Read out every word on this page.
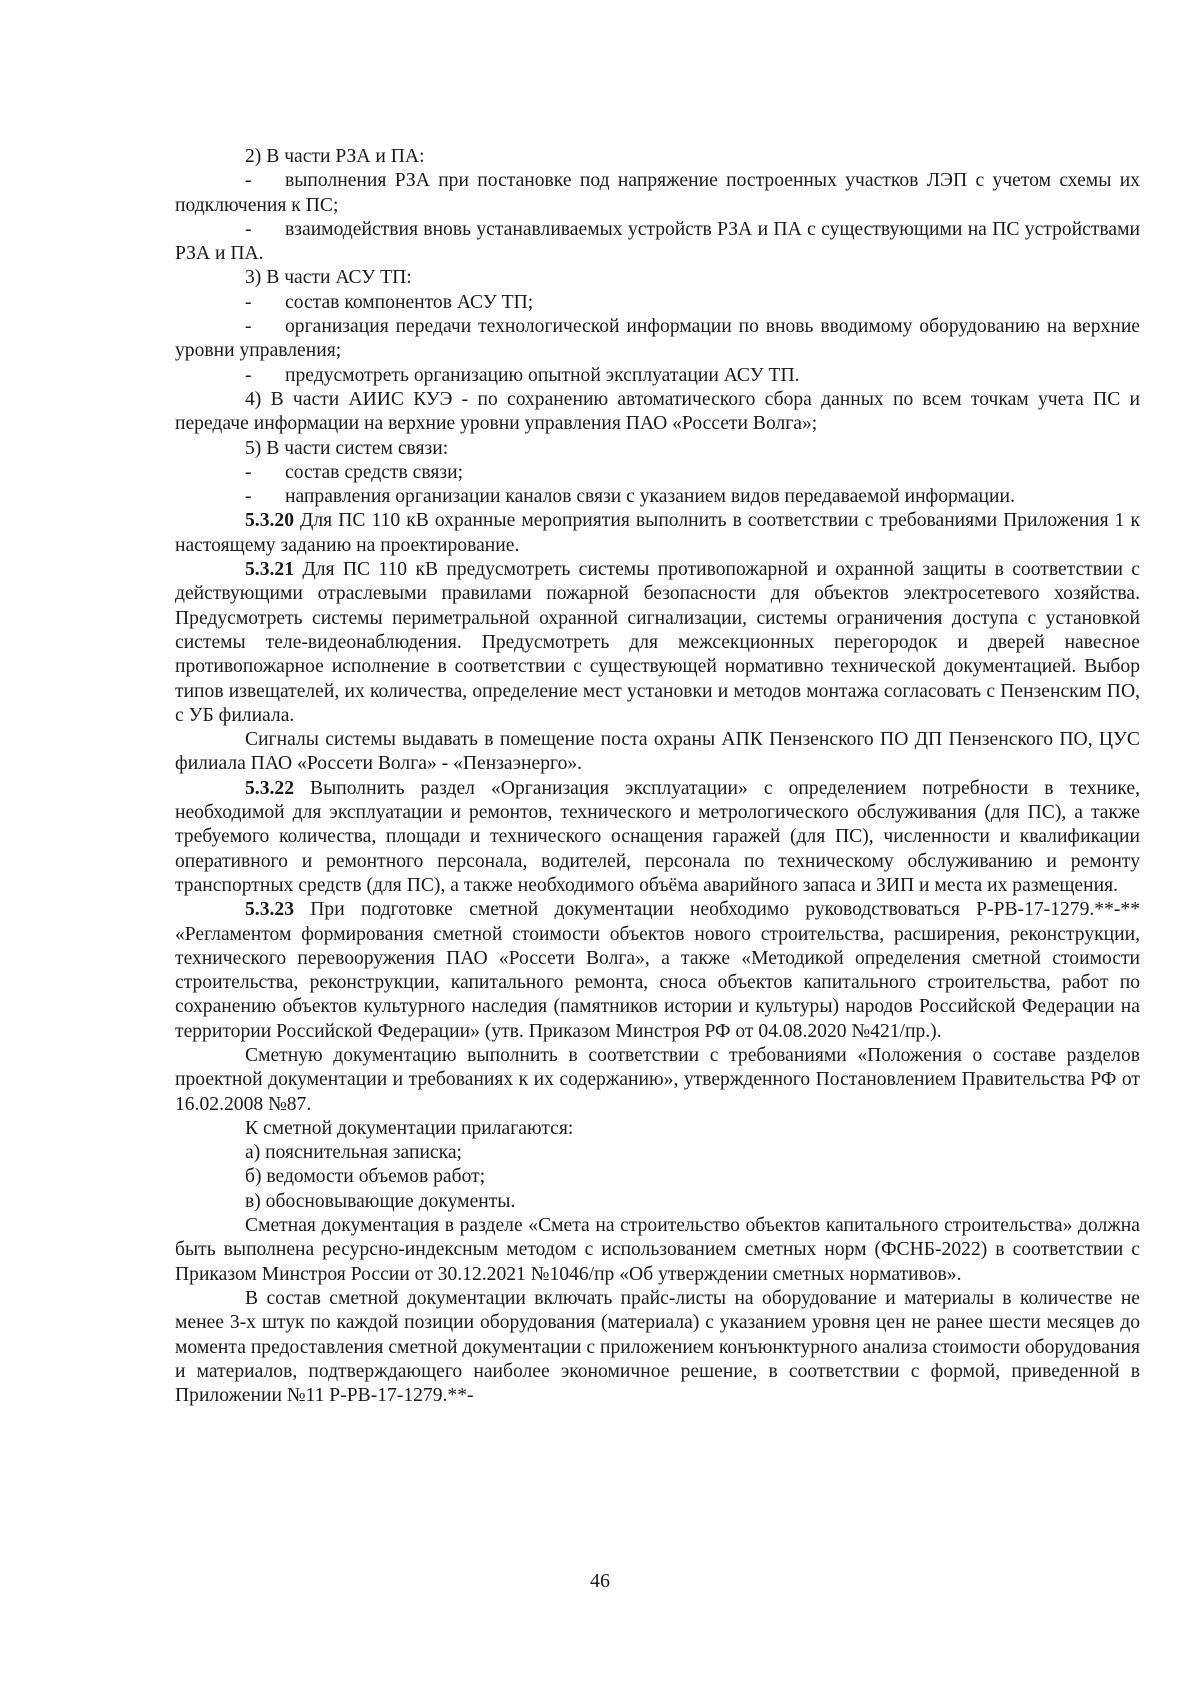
2) В части РЗА и ПА:

- выполнения РЗА при постановке под напряжение построенных участков ЛЭП с учетом схемы их подключения к ПС;

- взаимодействия вновь устанавливаемых устройств РЗА и ПА с существующими на ПС устройствами РЗА и ПА.

3) В части АСУ ТП:

- состав компонентов АСУ ТП;

- организация передачи технологической информации по вновь вводимому оборудованию на верхние уровни управления;

- предусмотреть организацию опытной эксплуатации АСУ ТП.

4) В части АИИС КУЭ - по сохранению автоматического сбора данных по всем точкам учета ПС и передаче информации на верхние уровни управления ПАО «Россети Волга»;

5) В части систем связи:

- состав средств связи;

- направления организации каналов связи с указанием видов передаваемой информации.

5.3.20 Для ПС 110 кВ охранные мероприятия выполнить в соответствии с требованиями Приложения 1 к настоящему заданию на проектирование.

5.3.21 Для ПС 110 кВ предусмотреть системы противопожарной и охранной защиты в соответствии с действующими отраслевыми правилами пожарной безопасности для объектов электросетевого хозяйства. Предусмотреть системы периметральной охранной сигнализации, системы ограничения доступа с установкой системы теле-видеонаблюдения. Предусмотреть для межсекционных перегородок и дверей навесное противопожарное исполнение в соответствии с существующей нормативно технической документацией. Выбор типов извещателей, их количества, определение мест установки и методов монтажа согласовать с Пензенским ПО, с УБ филиала.

Сигналы системы выдавать в помещение поста охраны АПК Пензенского ПО ДП Пензенского ПО, ЦУС филиала ПАО «Россети Волга» - «Пензаэнерго».

5.3.22 Выполнить раздел «Организация эксплуатации» с определением потребности в технике, необходимой для эксплуатации и ремонтов, технического и метрологического обслуживания (для ПС), а также требуемого количества, площади и технического оснащения гаражей (для ПС), численности и квалификации оперативного и ремонтного персонала, водителей, персонала по техническому обслуживанию и ремонту транспортных средств (для ПС), а также необходимого объёма аварийного запаса и ЗИП и места их размещения.

5.3.23 При подготовке сметной документации необходимо руководствоваться Р-РВ-17-1279.**-** «Регламентом формирования сметной стоимости объектов нового строительства, расширения, реконструкции, технического перевооружения ПАО «Россети Волга», а также «Методикой определения сметной стоимости строительства, реконструкции, капитального ремонта, сноса объектов капитального строительства, работ по сохранению объектов культурного наследия (памятников истории и культуры) народов Российской Федерации на территории Российской Федерации» (утв. Приказом Минстроя РФ от 04.08.2020 №421/пр.).

Сметную документацию выполнить в соответствии с требованиями «Положения о составе разделов проектной документации и требованиях к их содержанию», утвержденного Постановлением Правительства РФ от 16.02.2008 №87.

К сметной документации прилагаются:

а) пояснительная записка;

б) ведомости объемов работ;

в) обосновывающие документы.

Сметная документация в разделе «Смета на строительство объектов капитального строительства» должна быть выполнена ресурсно-индексным методом с использованием сметных норм (ФСНБ-2022) в соответствии с Приказом Минстроя России от 30.12.2021 №1046/пр «Об утверждении сметных нормативов».

В состав сметной документации включать прайс-листы на оборудование и материалы в количестве не менее 3-х штук по каждой позиции оборудования (материала) с указанием уровня цен не ранее шести месяцев до момента предоставления сметной документации с приложением конъюнктурного анализа стоимости оборудования и материалов, подтверждающего наиболее экономичное решение, в соответствии с формой, приведенной в Приложении №11 Р-РВ-17-1279.**-

46
